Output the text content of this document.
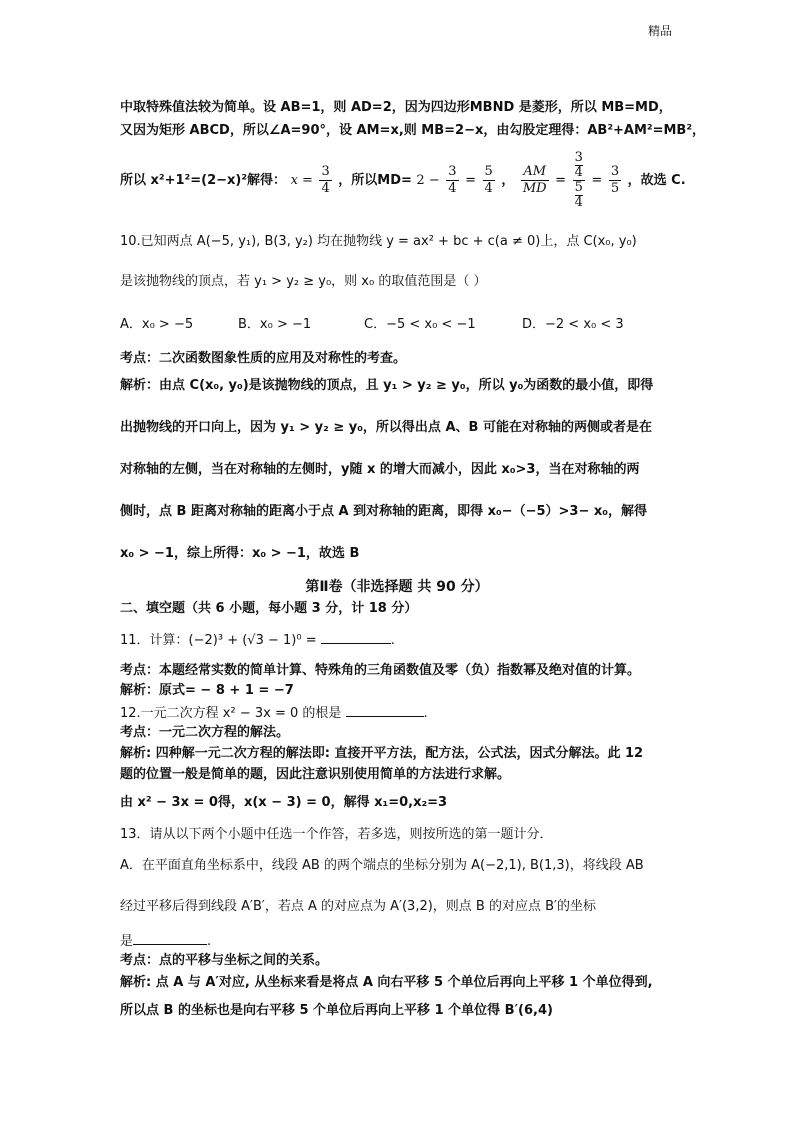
精品
中取特殊值法较为简单。设 AB=1，则 AD=2，因为四边形MBND 是菱形，所以 MB=MD，
又因为矩形 ABCD，所以∠A=90°，设 AM=x,则 MB=2−x，由勾股定理得：AB²+AM²=MB²，
所以 x²+1²=(2−x)²解得： $x = \frac{3}{4}$ ，所以$MD= 2 - \frac{3}{4} = \frac{5}{4}$ ， $\frac{AM}{MD} = 3$
4
5
$4 = \frac{3}{5}$ ，故选 C.
10.已知两点 A(−5, y₁), B(3, y₂) 均在抛物线 y = ax² + bc + c(a ≠ 0)上，点 C(x₀, y₀)
是该抛物线的顶点，若 y₁ > y₂ ≥ y₀，则 x₀ 的取值范围是（ ）
A．x₀ > −5	B．x₀ > −1	C．−5 < x₀ < −1	D．−2 < x₀ < 3
考点：二次函数图象性质的应用及对称性的考查。
解析：由点 C(x₀, y₀)是该抛物线的顶点，且 y₁ > y₂ ≥ y₀，所以 y₀为函数的最小值，即得
出抛物线的开口向上，因为 y₁ > y₂ ≥ y₀，所以得出点 A、B 可能在对称轴的两侧或者是在
对称轴的左侧，当在对称轴的左侧时，y随 x 的增大而减小，因此 x₀>3，当在对称轴的两
侧时，点 B 距离对称轴的距离小于点 A 到对称轴的距离，即得 x₀−（−5）>3− x₀，解得
x₀ > −1，综上所得：x₀ > −1，故选 B
第Ⅱ卷（非选择题 共 90 分）
二、填空题（共 6 小题，每小题 3 分，计 18 分）
11．计算：(−2)³ + (√3 − 1)⁰ =	.
考点：本题经常实数的简单计算、特殊角的三角函数值及零（负）指数幂及绝对值的计算。
解析：原式= − 8 + 1 = −7
12.一元二次方程 x² − 3x = 0 的根是	.
考点：一元二次方程的解法。
解析: 四种解一元二次方程的解法即: 直接开平方法，配方法，公式法，因式分解法。此 12
题的位置一般是简单的题，因此注意识别使用简单的方法进行求解。
由 x² − 3x = 0得，x(x − 3) = 0，解得 x₁=0,x₂=3
13．请从以下两个小题中任选一个作答，若多选，则按所选的第一题计分．
A．在平面直角坐标系中，线段 AB 的两个端点的坐标分别为 A(−2,1), B(1,3)，将线段 AB
经过平移后得到线段 A′B′，若点 A 的对应点为 A′(3,2)，则点 B 的对应点 B′的坐标
是	.
考点：点的平移与坐标之间的关系。
解析: 点 A 与 A′对应, 从坐标来看是将点 A 向右平移 5 个单位后再向上平移 1 个单位得到,
所以点 B 的坐标也是向右平移 5 个单位后再向上平移 1 个单位得 B′(6,4)
